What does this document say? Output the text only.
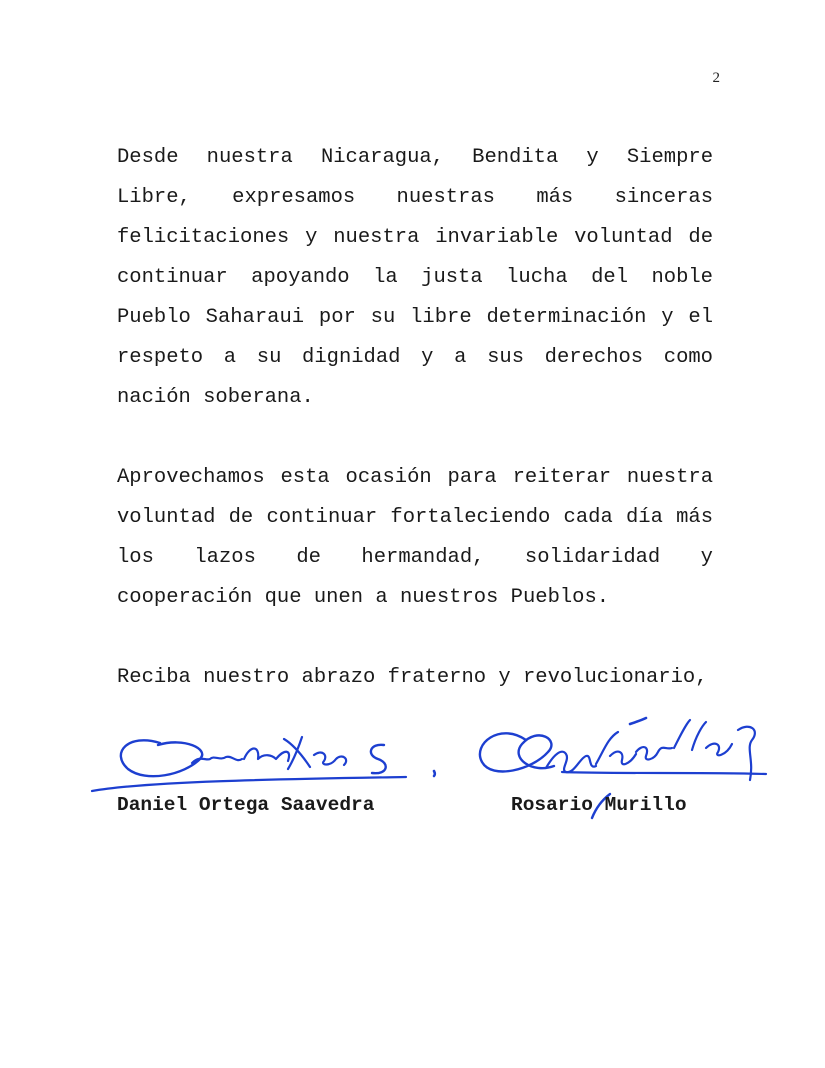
2

Desde nuestra Nicaragua, Bendita y Siempre Libre, expresamos nuestras más sinceras felicitaciones y nuestra invariable voluntad de continuar apoyando la justa lucha del noble Pueblo Saharaui por su libre determinación y el respeto a su dignidad y a sus derechos como nación soberana.

Aprovechamos esta ocasión para reiterar nuestra voluntad de continuar fortaleciendo cada día más los lazos de hermandad, solidaridad y cooperación que unen a nuestros Pueblos.

Reciba nuestro abrazo fraterno y revolucionario,

Daniel Ortega Saavedra	Rosario Murillo
